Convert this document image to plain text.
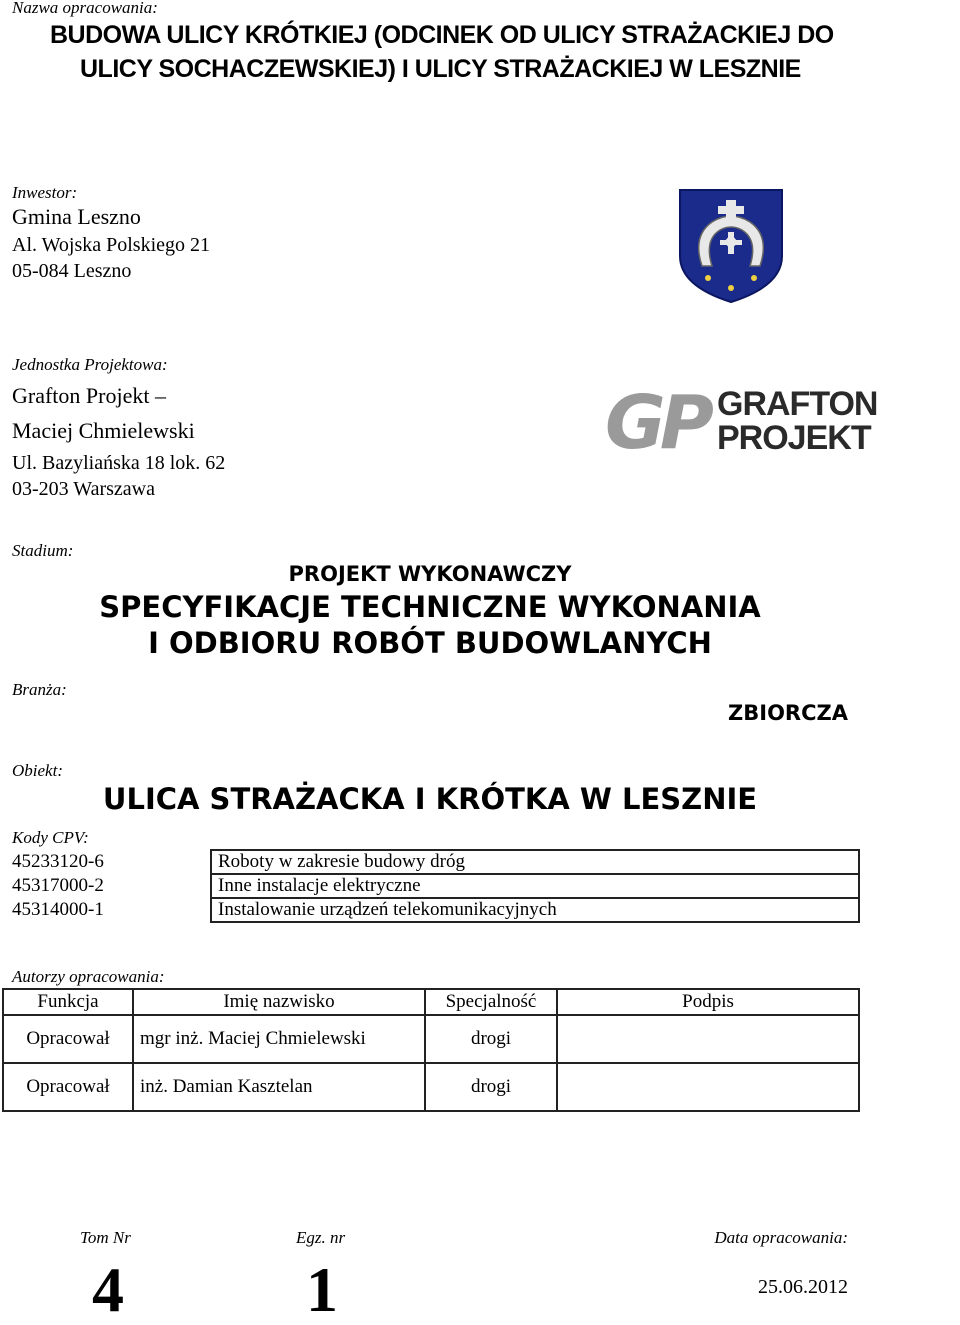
Nazwa opracowania:
BUDOWA ULICY KRÓTKIEJ (ODCINEK OD ULICY STRAŻACKIEJ DO
ULICY SOCHACZEWSKIEJ) I ULICY STRAŻACKIEJ W LESZNIE
Inwestor:
Gmina Leszno
Al. Wojska Polskiego 21
05-084 Leszno
Jednostka Projektowa:
Grafton Projekt –
Maciej Chmielewski
Ul. Bazyliańska 18 lok. 62
03-203 Warszawa
GP GRAFTON
PROJEKT
Stadium:
PROJEKT WYKONAWCZY
SPECYFIKACJE TECHNICZNE WYKONANIA
I ODBIORU ROBÓT BUDOWLANYCH
Branża:
ZBIORCZA
Obiekt:
ULICA STRAŻACKA I KRÓTKA W LESZNIE
Kody CPV:
45233120-6	Roboty w zakresie budowy dróg
45317000-2	Inne instalacje elektryczne
45314000-1	Instalowanie urządzeń telekomunikacyjnych
Autorzy opracowania:
Funkcja	Imię nazwisko	Specjalność	Podpis
Opracował	mgr inż. Maciej Chmielewski	drogi	
Opracował	inż. Damian Kasztelan	drogi	
Tom Nr
4
Egz. nr
1
Data opracowania:
25.06.2012
